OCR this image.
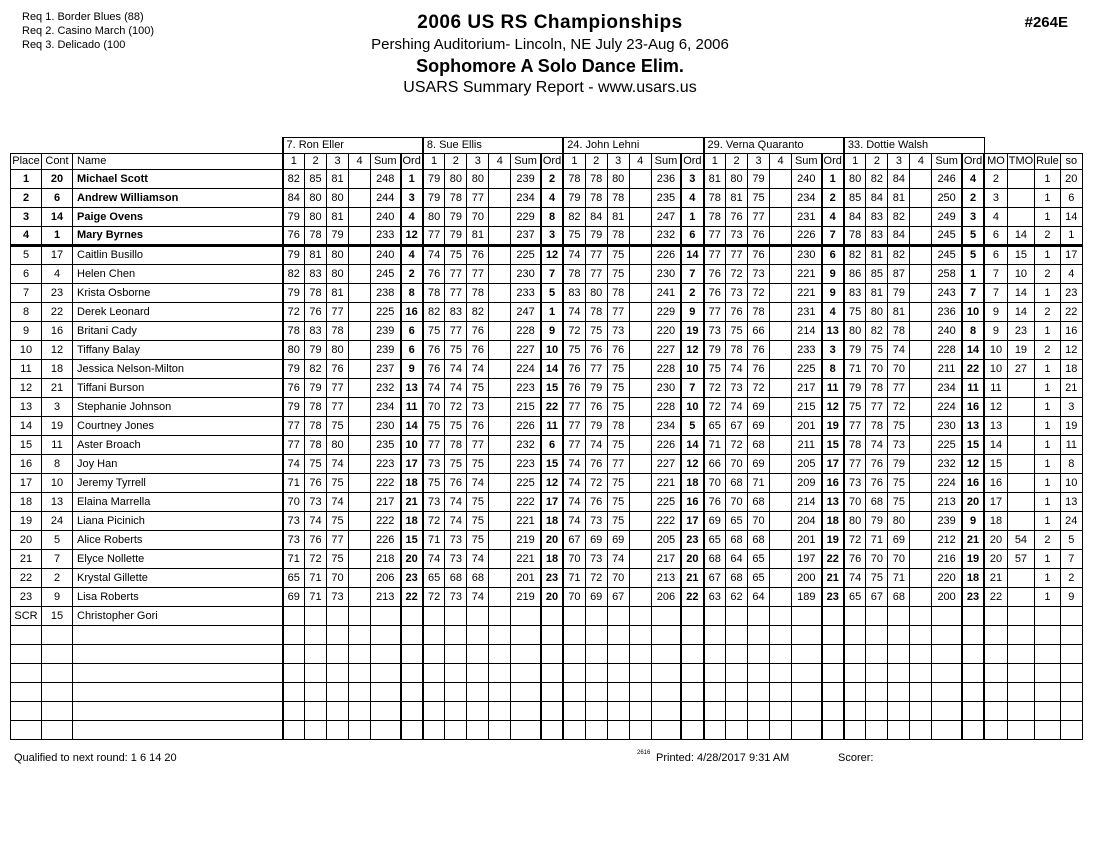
Req 1. Border Blues (88)
Req 2. Casino March (100)
Req 3. Delicado (100
2006 US RS Championships
Pershing Auditorium- Lincoln, NE July 23-Aug 6, 2006
Sophomore A Solo Dance Elim.
USARS Summary Report - www.usars.us
#264E
			7. Ron Eller						8. Sue Ellis						24. John Lehni						29. Verna Quaranto						33. Dottie Walsh									
Place	Cont	Name	1	2	3	4	Sum	Ord	1	2	3	4	Sum	Ord	1	2	3	4	Sum	Ord	1	2	3	4	Sum	Ord	1	2	3	4	Sum	Ord	MO	TMO	Rule	so
1	20	Michael Scott	82	85	81		248	1	79	80	80		239	2	78	78	80		236	3	81	80	79		240	1	80	82	84		246	4	2		1	20
2	6	Andrew Williamson	84	80	80		244	3	79	78	77		234	4	79	78	78		235	4	78	81	75		234	2	85	84	81		250	2	3		1	6
3	14	Paige Ovens	79	80	81		240	4	80	79	70		229	8	82	84	81		247	1	78	76	77		231	4	84	83	82		249	3	4		1	14
4	1	Mary Byrnes	76	78	79		233	12	77	79	81		237	3	75	79	78		232	6	77	73	76		226	7	78	83	84		245	5	6	14	2	1
5	17	Caitlin Busillo	79	81	80		240	4	74	75	76		225	12	74	77	75		226	14	77	77	76		230	6	82	81	82		245	5	6	15	1	17
6	4	Helen Chen	82	83	80		245	2	76	77	77		230	7	78	77	75		230	7	76	72	73		221	9	86	85	87		258	1	7	10	2	4
7	23	Krista Osborne	79	78	81		238	8	78	77	78		233	5	83	80	78		241	2	76	73	72		221	9	83	81	79		243	7	7	14	1	23
8	22	Derek Leonard	72	76	77		225	16	82	83	82		247	1	74	78	77		229	9	77	76	78		231	4	75	80	81		236	10	9	14	2	22
9	16	Britani Cady	78	83	78		239	6	75	77	76		228	9	72	75	73		220	19	73	75	66		214	13	80	82	78		240	8	9	23	1	16
10	12	Tiffany Balay	80	79	80		239	6	76	75	76		227	10	75	76	76		227	12	79	78	76		233	3	79	75	74		228	14	10	19	2	12
11	18	Jessica Nelson-Milton	79	82	76		237	9	76	74	74		224	14	76	77	75		228	10	75	74	76		225	8	71	70	70		211	22	10	27	1	18
12	21	Tiffani Burson	76	79	77		232	13	74	74	75		223	15	76	79	75		230	7	72	73	72		217	11	79	78	77		234	11	11		1	21
13	3	Stephanie Johnson	79	78	77		234	11	70	72	73		215	22	77	76	75		228	10	72	74	69		215	12	75	77	72		224	16	12		1	3
14	19	Courtney Jones	77	78	75		230	14	75	75	76		226	11	77	79	78		234	5	65	67	69		201	19	77	78	75		230	13	13		1	19
15	11	Aster Broach	77	78	80		235	10	77	78	77		232	6	77	74	75		226	14	71	72	68		211	15	78	74	73		225	15	14		1	11
16	8	Joy Han	74	75	74		223	17	73	75	75		223	15	74	76	77		227	12	66	70	69		205	17	77	76	79		232	12	15		1	8
17	10	Jeremy Tyrrell	71	76	75		222	18	75	76	74		225	12	74	72	75		221	18	70	68	71		209	16	73	76	75		224	16	16		1	10
18	13	Elaina Marrella	70	73	74		217	21	73	74	75		222	17	74	76	75		225	16	76	70	68		214	13	70	68	75		213	20	17		1	13
19	24	Liana Picinich	73	74	75		222	18	72	74	75		221	18	74	73	75		222	17	69	65	70		204	18	80	79	80		239	9	18		1	24
20	5	Alice Roberts	73	76	77		226	15	71	73	75		219	20	67	69	69		205	23	65	68	68		201	19	72	71	69		212	21	20	54	2	5
21	7	Elyce Nollette	71	72	75		218	20	74	73	74		221	18	70	73	74		217	20	68	64	65		197	22	76	70	70		216	19	20	57	1	7
22	2	Krystal Gillette	65	71	70		206	23	65	68	68		201	23	71	72	70		213	21	67	68	65		200	21	74	75	71		220	18	21		1	2
23	9	Lisa Roberts	69	71	73		213	22	72	73	74		219	20	70	69	67		206	22	63	62	64		189	23	65	67	68		200	23	22		1	9
SCR	15	Christopher Gori																																		

Qualified to next round: 1 6 14 20	2616 Printed: 4/28/2017 9:31 AM	Scorer:
